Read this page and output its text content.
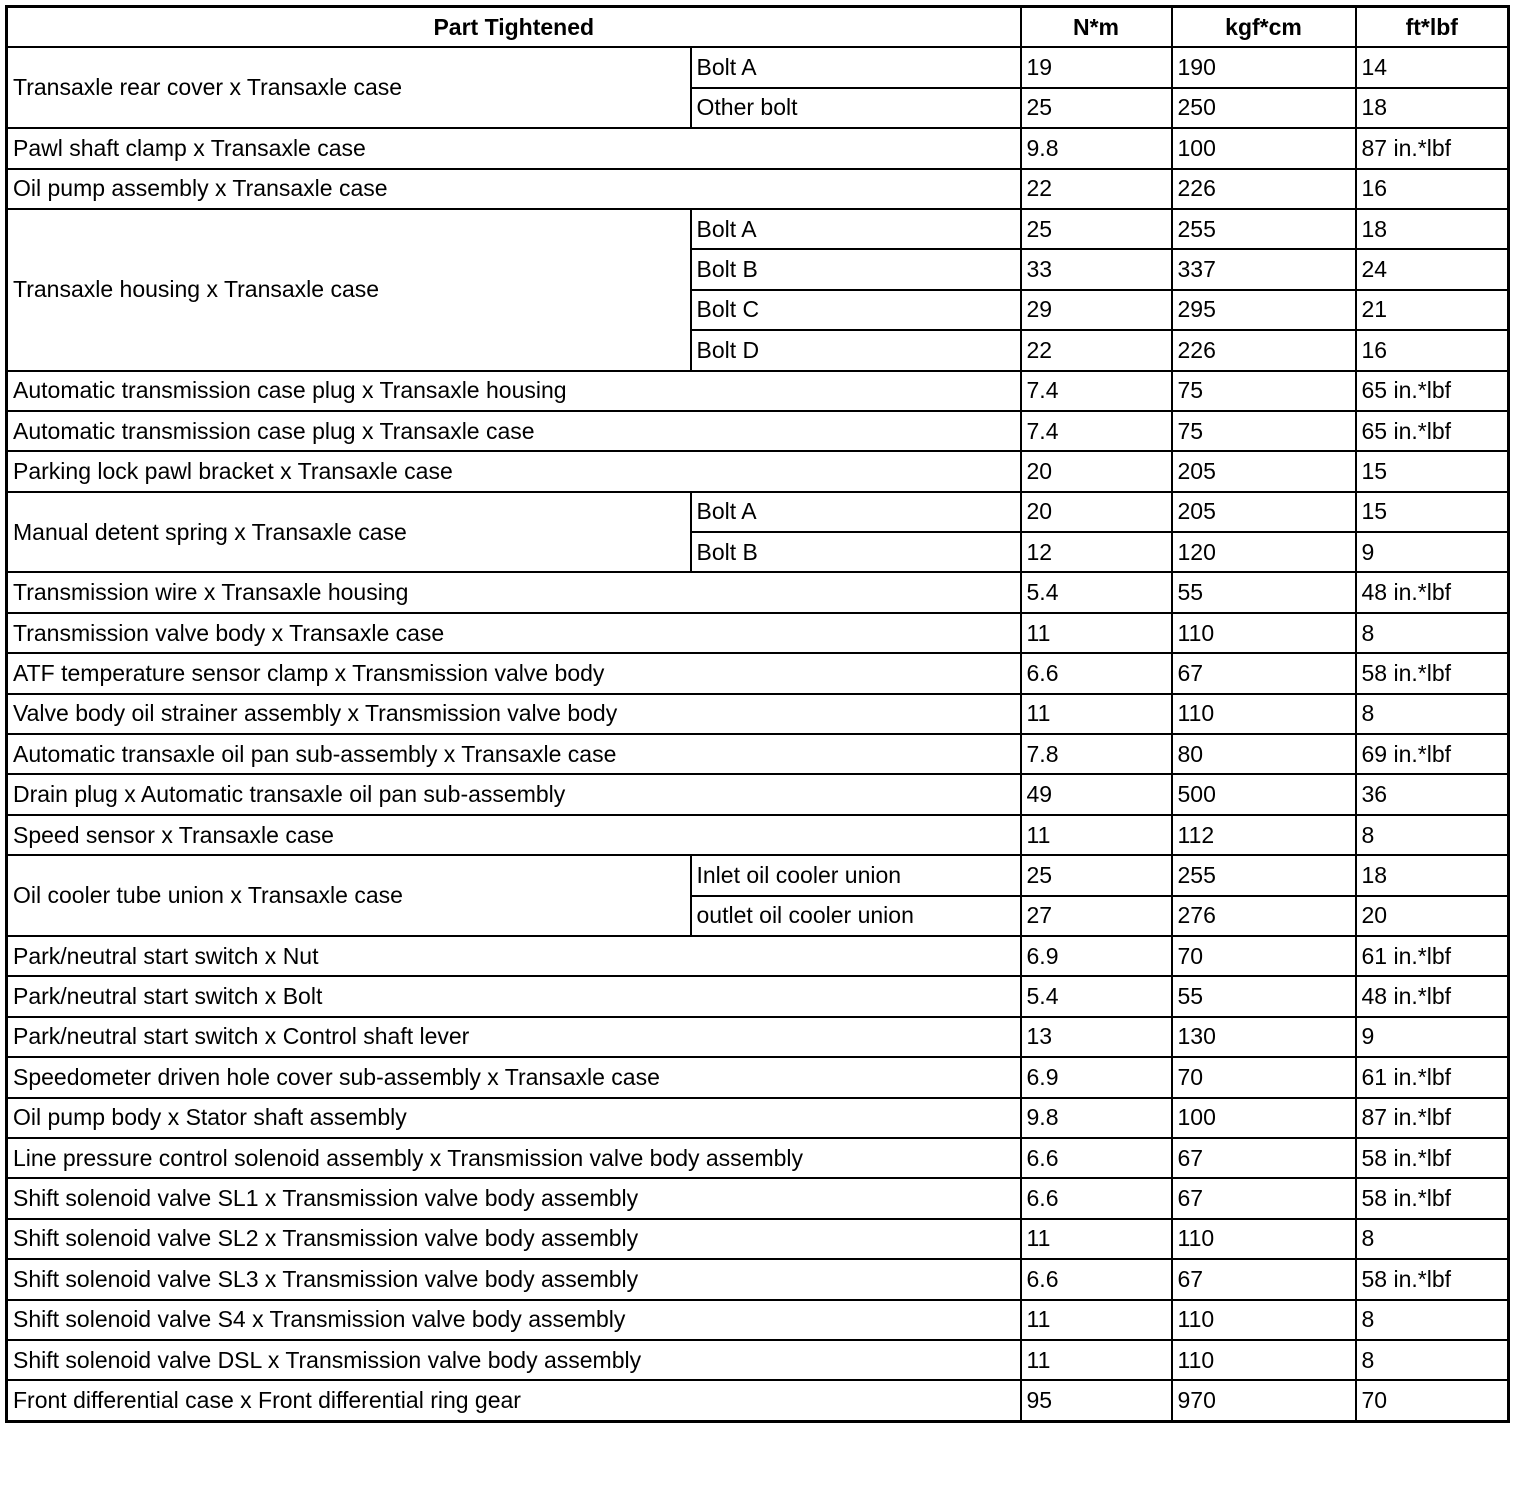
Part Tightened		N*m	kgf*cm	ft*lbf
Transaxle rear cover x Transaxle case	Bolt A	19	190	14
	Other bolt	25	250	18
Pawl shaft clamp x Transaxle case		9.8	100	87 in.*lbf
Oil pump assembly x Transaxle case		22	226	16
Transaxle housing x Transaxle case	Bolt A	25	255	18
	Bolt B	33	337	24
	Bolt C	29	295	21
	Bolt D	22	226	16
Automatic transmission case plug x Transaxle housing		7.4	75	65 in.*lbf
Automatic transmission case plug x Transaxle case		7.4	75	65 in.*lbf
Parking lock pawl bracket x Transaxle case		20	205	15
Manual detent spring x Transaxle case	Bolt A	20	205	15
	Bolt B	12	120	9
Transmission wire x Transaxle housing		5.4	55	48 in.*lbf
Transmission valve body x Transaxle case		11	110	8
ATF temperature sensor clamp x Transmission valve body		6.6	67	58 in.*lbf
Valve body oil strainer assembly x Transmission valve body		11	110	8
Automatic transaxle oil pan sub-assembly x Transaxle case		7.8	80	69 in.*lbf
Drain plug x Automatic transaxle oil pan sub-assembly		49	500	36
Speed sensor x Transaxle case		11	112	8
Oil cooler tube union x Transaxle case	Inlet oil cooler union	25	255	18
	outlet oil cooler union	27	276	20
Park/neutral start switch x Nut		6.9	70	61 in.*lbf
Park/neutral start switch x Bolt		5.4	55	48 in.*lbf
Park/neutral start switch x Control shaft lever		13	130	9
Speedometer driven hole cover sub-assembly x Transaxle case		6.9	70	61 in.*lbf
Oil pump body x Stator shaft assembly		9.8	100	87 in.*lbf
Line pressure control solenoid assembly x Transmission valve body assembly		6.6	67	58 in.*lbf
Shift solenoid valve SL1 x Transmission valve body assembly		6.6	67	58 in.*lbf
Shift solenoid valve SL2 x Transmission valve body assembly		11	110	8
Shift solenoid valve SL3 x Transmission valve body assembly		6.6	67	58 in.*lbf
Shift solenoid valve S4 x Transmission valve body assembly		11	110	8
Shift solenoid valve DSL x Transmission valve body assembly		11	110	8
Front differential case x Front differential ring gear		95	970	70
